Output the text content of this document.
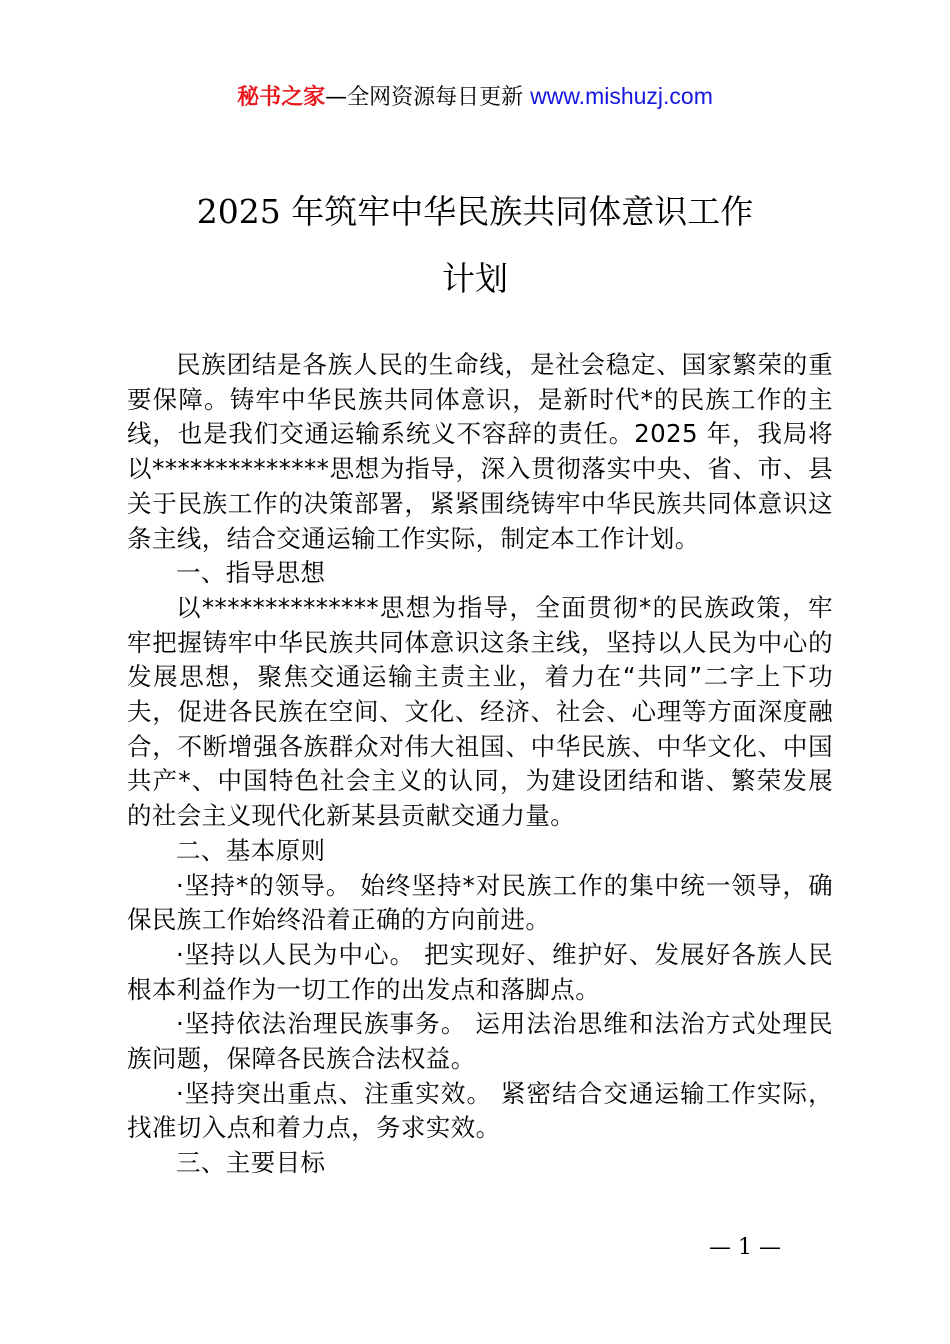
秘书之家—全网资源每日更新 www.mishuzj.com
2025 年筑牢中华民族共同体意识工作
计划

民族团结是各族人民的生命线，是社会稳定、国家繁荣的重要保障。铸牢中华民族共同体意识，是新时代*的民族工作的主线，也是我们交通运输系统义不容辞的责任。2025 年，我局将以**************思想为指导，深入贯彻落实中央、省、市、县关于民族工作的决策部署，紧紧围绕铸牢中华民族共同体意识这条主线，结合交通运输工作实际，制定本工作计划。

一、指导思想

以**************思想为指导，全面贯彻*的民族政策，牢牢把握铸牢中华民族共同体意识这条主线，坚持以人民为中心的发展思想，聚焦交通运输主责主业，着力在“共同”二字上下功夫，促进各民族在空间、文化、经济、社会、心理等方面深度融合，不断增强各族群众对伟大祖国、中华民族、中华文化、中国共产*、中国特色社会主义的认同，为建设团结和谐、繁荣发展的社会主义现代化新某县贡献交通力量。

二、基本原则

·坚持*的领导。 始终坚持*对民族工作的集中统一领导，确保民族工作始终沿着正确的方向前进。

·坚持以人民为中心。 把实现好、维护好、发展好各族人民根本利益作为一切工作的出发点和落脚点。

·坚持依法治理民族事务。 运用法治思维和法治方式处理民族问题，保障各民族合法权益。

·坚持突出重点、注重实效。 紧密结合交通运输工作实际，找准切入点和着力点，务求实效。

三、主要目标

— 1 —
